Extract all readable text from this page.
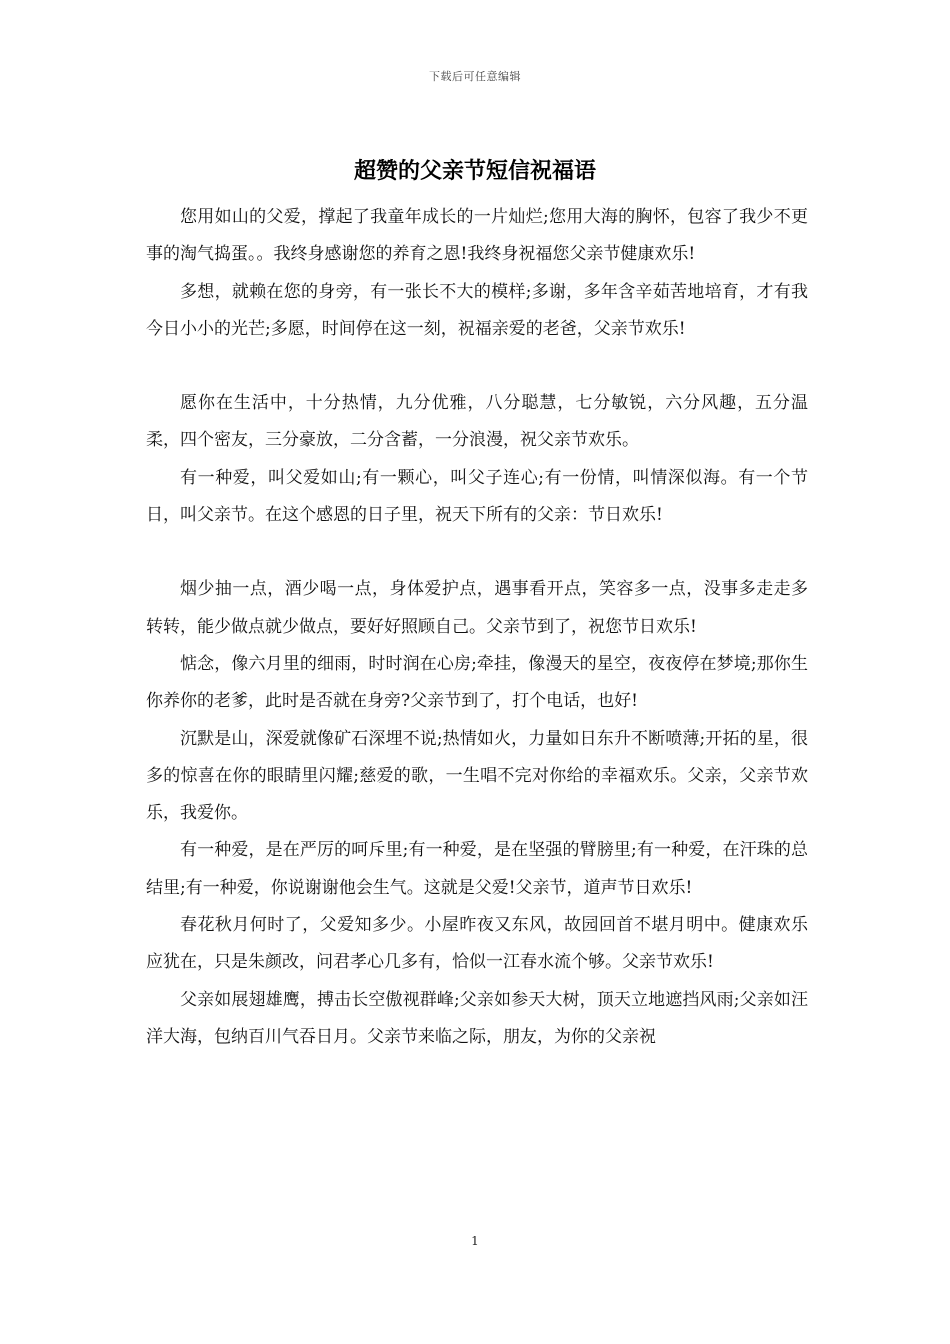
下载后可任意编辑
超赞的父亲节短信祝福语

您用如山的父爱，撑起了我童年成长的一片灿烂;您用大海的胸怀，包容了我少不更事的淘气捣蛋。。我终身感谢您的养育之恩!我终身祝福您父亲节健康欢乐!

多想，就赖在您的身旁，有一张长不大的模样;多谢，多年含辛茹苦地培育，才有我今日小小的光芒;多愿，时间停在这一刻，祝福亲爱的老爸，父亲节欢乐!

愿你在生活中，十分热情，九分优雅，八分聪慧，七分敏锐，六分风趣，五分温柔，四个密友，三分豪放，二分含蓄，一分浪漫，祝父亲节欢乐。

有一种爱，叫父爱如山;有一颗心，叫父子连心;有一份情，叫情深似海。有一个节日，叫父亲节。在这个感恩的日子里，祝天下所有的父亲：节日欢乐!

烟少抽一点，酒少喝一点，身体爱护点，遇事看开点，笑容多一点，没事多走走多转转，能少做点就少做点，要好好照顾自己。父亲节到了，祝您节日欢乐!

惦念，像六月里的细雨，时时润在心房;牵挂，像漫天的星空，夜夜停在梦境;那你生你养你的老爹，此时是否就在身旁?父亲节到了，打个电话，也好!

沉默是山，深爱就像矿石深埋不说;热情如火，力量如日东升不断喷薄;开拓的星，很多的惊喜在你的眼睛里闪耀;慈爱的歌，一生唱不完对你给的幸福欢乐。父亲，父亲节欢乐，我爱你。

有一种爱，是在严厉的呵斥里;有一种爱，是在坚强的臂膀里;有一种爱，在汗珠的总结里;有一种爱，你说谢谢他会生气。这就是父爱!父亲节，道声节日欢乐!

春花秋月何时了，父爱知多少。小屋昨夜又东风，故园回首不堪月明中。健康欢乐应犹在，只是朱颜改，问君孝心几多有，恰似一江春水流个够。父亲节欢乐!

父亲如展翅雄鹰，搏击长空傲视群峰;父亲如参天大树，顶天立地遮挡风雨;父亲如汪洋大海，包纳百川气吞日月。父亲节来临之际，朋友，为你的父亲祝

1
